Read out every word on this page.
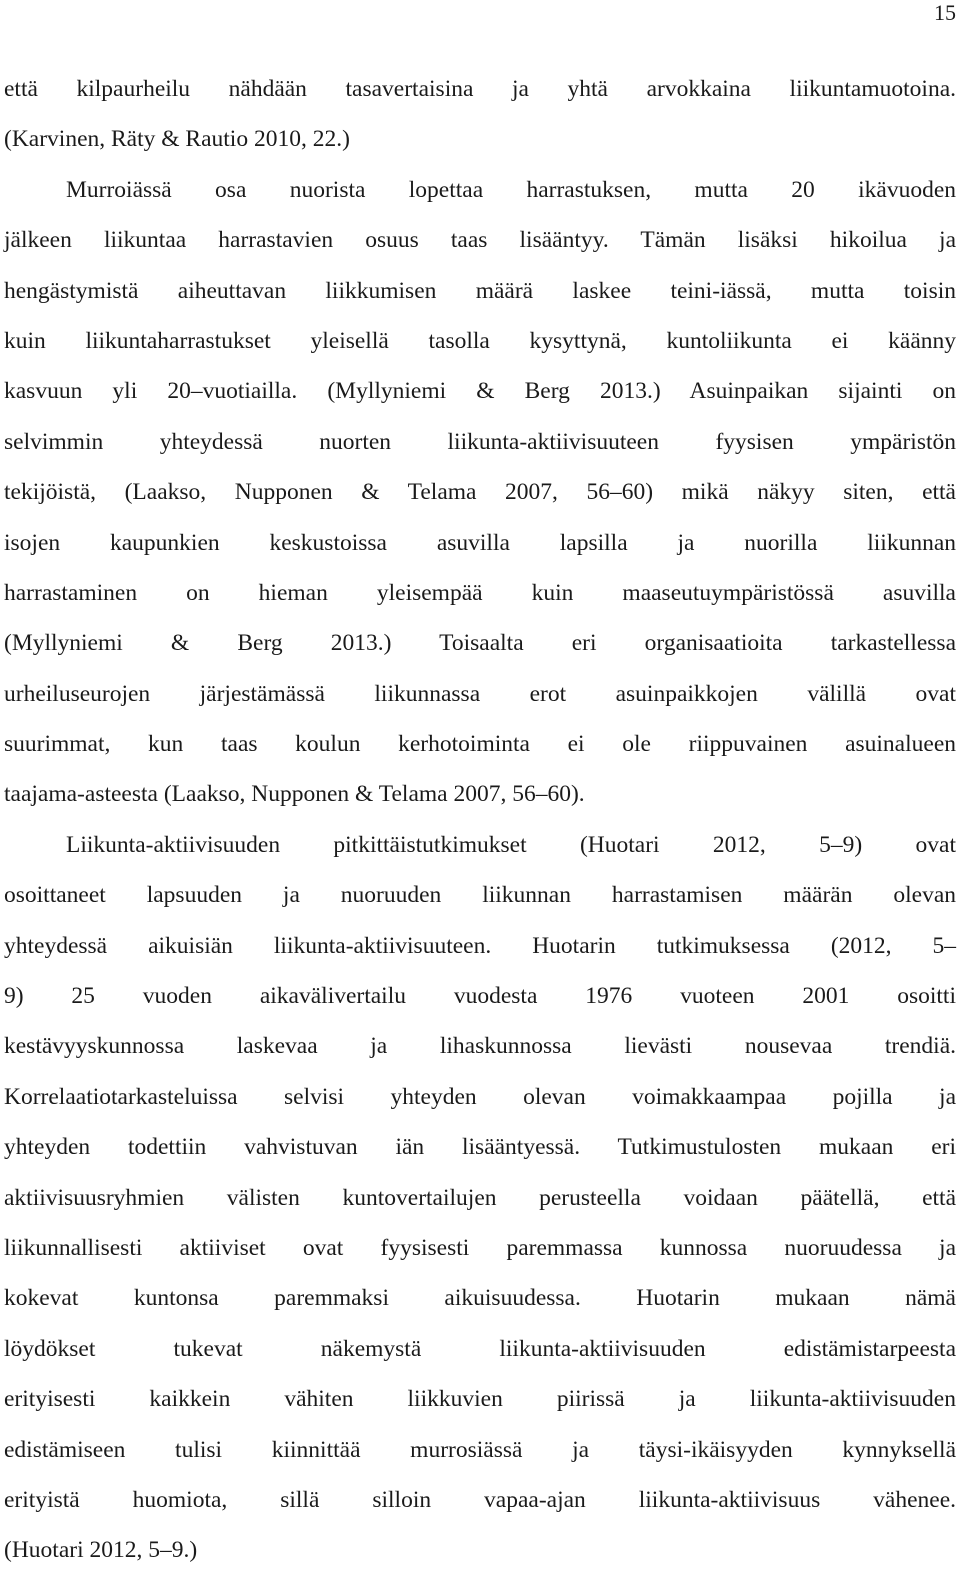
15
että kilpaurheilu nähdään tasavertaisina ja yhtä arvokkaina liikuntamuotoina.
(Karvinen, Räty & Rautio 2010, 22.)
Murroiässä osa nuorista lopettaa harrastuksen, mutta 20 ikävuoden
jälkeen liikuntaa harrastavien osuus taas lisääntyy. Tämän lisäksi hikoilua ja
hengästymistä aiheuttavan liikkumisen määrä laskee teini-iässä, mutta toisin
kuin liikuntaharrastukset yleisellä tasolla kysyttynä, kuntoliikunta ei käänny
kasvuun yli 20–vuotiailla. (Myllyniemi & Berg 2013.) Asuinpaikan sijainti on
selvimmin yhteydessä nuorten liikunta-aktiivisuuteen fyysisen ympäristön
tekijöistä, (Laakso, Nupponen & Telama 2007, 56–60) mikä näkyy siten, että
isojen kaupunkien keskustoissa asuvilla lapsilla ja nuorilla liikunnan
harrastaminen on hieman yleisempää kuin maaseutuympäristössä asuvilla
(Myllyniemi & Berg 2013.) Toisaalta eri organisaatioita tarkastellessa
urheiluseurojen järjestämässä liikunnassa erot asuinpaikkojen välillä ovat
suurimmat, kun taas koulun kerhotoiminta ei ole riippuvainen asuinalueen
taajama-asteesta (Laakso, Nupponen & Telama 2007, 56–60).
Liikunta-aktiivisuuden pitkittäistutkimukset (Huotari 2012, 5–9) ovat
osoittaneet lapsuuden ja nuoruuden liikunnan harrastamisen määrän olevan
yhteydessä aikuisiän liikunta-aktiivisuuteen. Huotarin tutkimuksessa (2012, 5–
9) 25 vuoden aikavälivertailu vuodesta 1976 vuoteen 2001 osoitti
kestävyyskunnossa laskevaa ja lihaskunnossa lievästi nousevaa trendiä.
Korrelaatiotarkasteluissa selvisi yhteyden olevan voimakkaampaa pojilla ja
yhteyden todettiin vahvistuvan iän lisääntyessä. Tutkimustulosten mukaan eri
aktiivisuusryhmien välisten kuntovertailujen perusteella voidaan päätellä, että
liikunnallisesti aktiiviset ovat fyysisesti paremmassa kunnossa nuoruudessa ja
kokevat kuntonsa paremmaksi aikuisuudessa. Huotarin mukaan nämä
löydökset tukevat näkemystä liikunta-aktiivisuuden edistämistarpeesta
erityisesti kaikkein vähiten liikkuvien piirissä ja liikunta-aktiivisuuden
edistämiseen tulisi kiinnittää murrosiässä ja täysi-ikäisyyden kynnyksellä
erityistä huomiota, sillä silloin vapaa-ajan liikunta-aktiivisuus vähenee.
(Huotari 2012, 5–9.)
